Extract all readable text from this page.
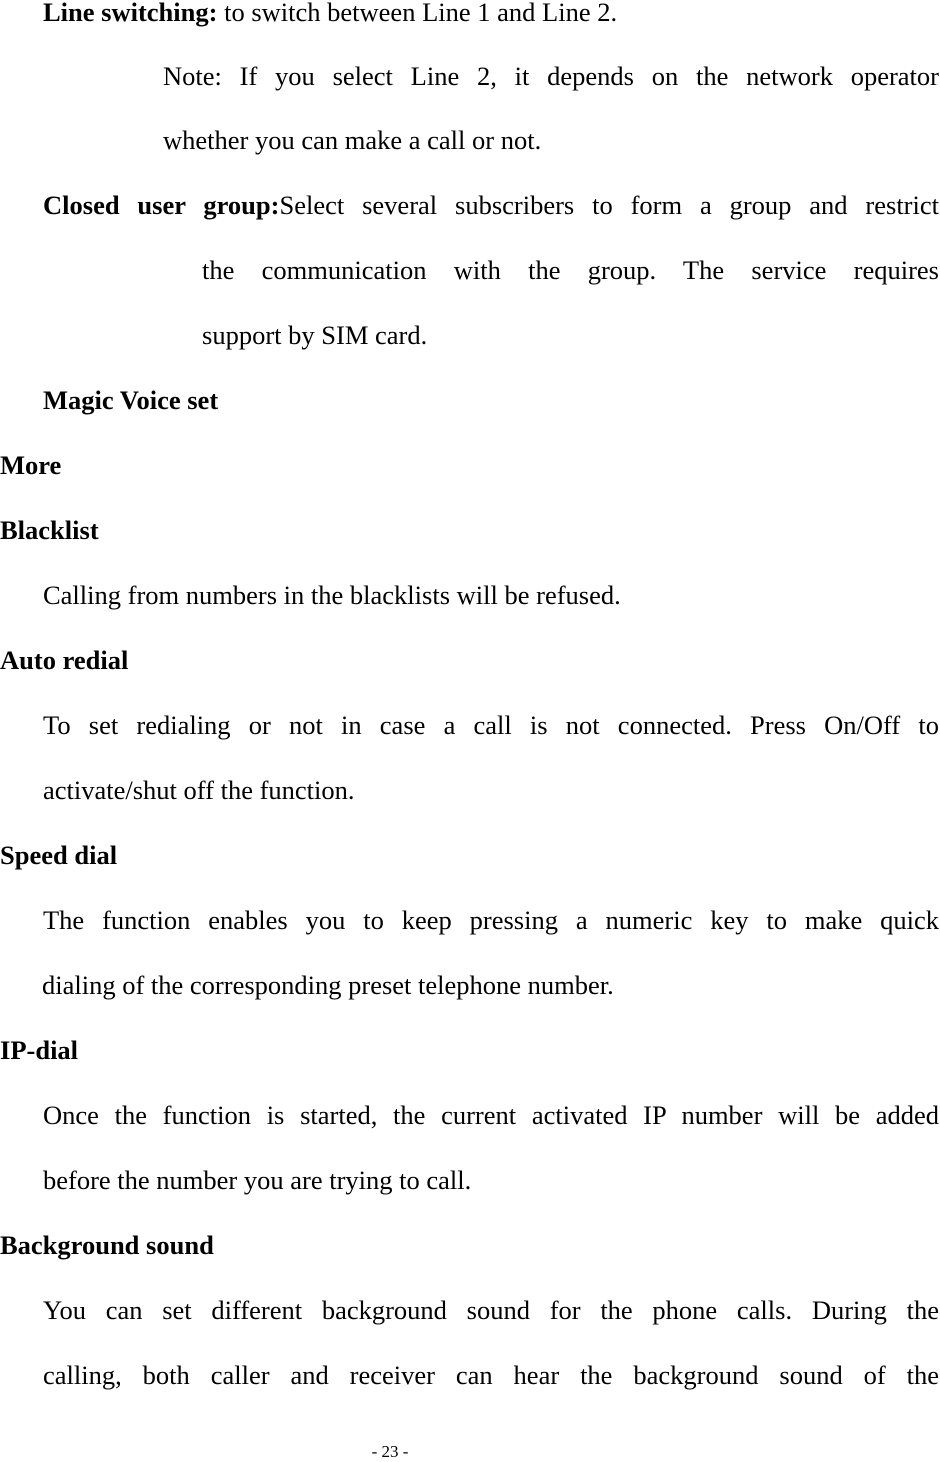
Line switching: to switch between Line 1 and Line 2.

Note: If you select Line 2, it depends on the network operator

whether you can make a call or not.

Closed user group:Select several subscribers to form a group and restrict

the communication with the group. The service requires

support by SIM card.

Magic Voice set

More

Blacklist

Calling from numbers in the blacklists will be refused.

Auto redial

To set redialing or not in case a call is not connected. Press On/Off to

activate/shut off the function.

Speed dial

The function enables you to keep pressing a numeric key to make quick

dialing of the corresponding preset telephone number.

IP-dial

Once the function is started, the current activated IP number will be added

before the number you are trying to call.

Background sound

You can set different background sound for the phone calls. During the

calling, both caller and receiver can hear the background sound of the

- 23 -
